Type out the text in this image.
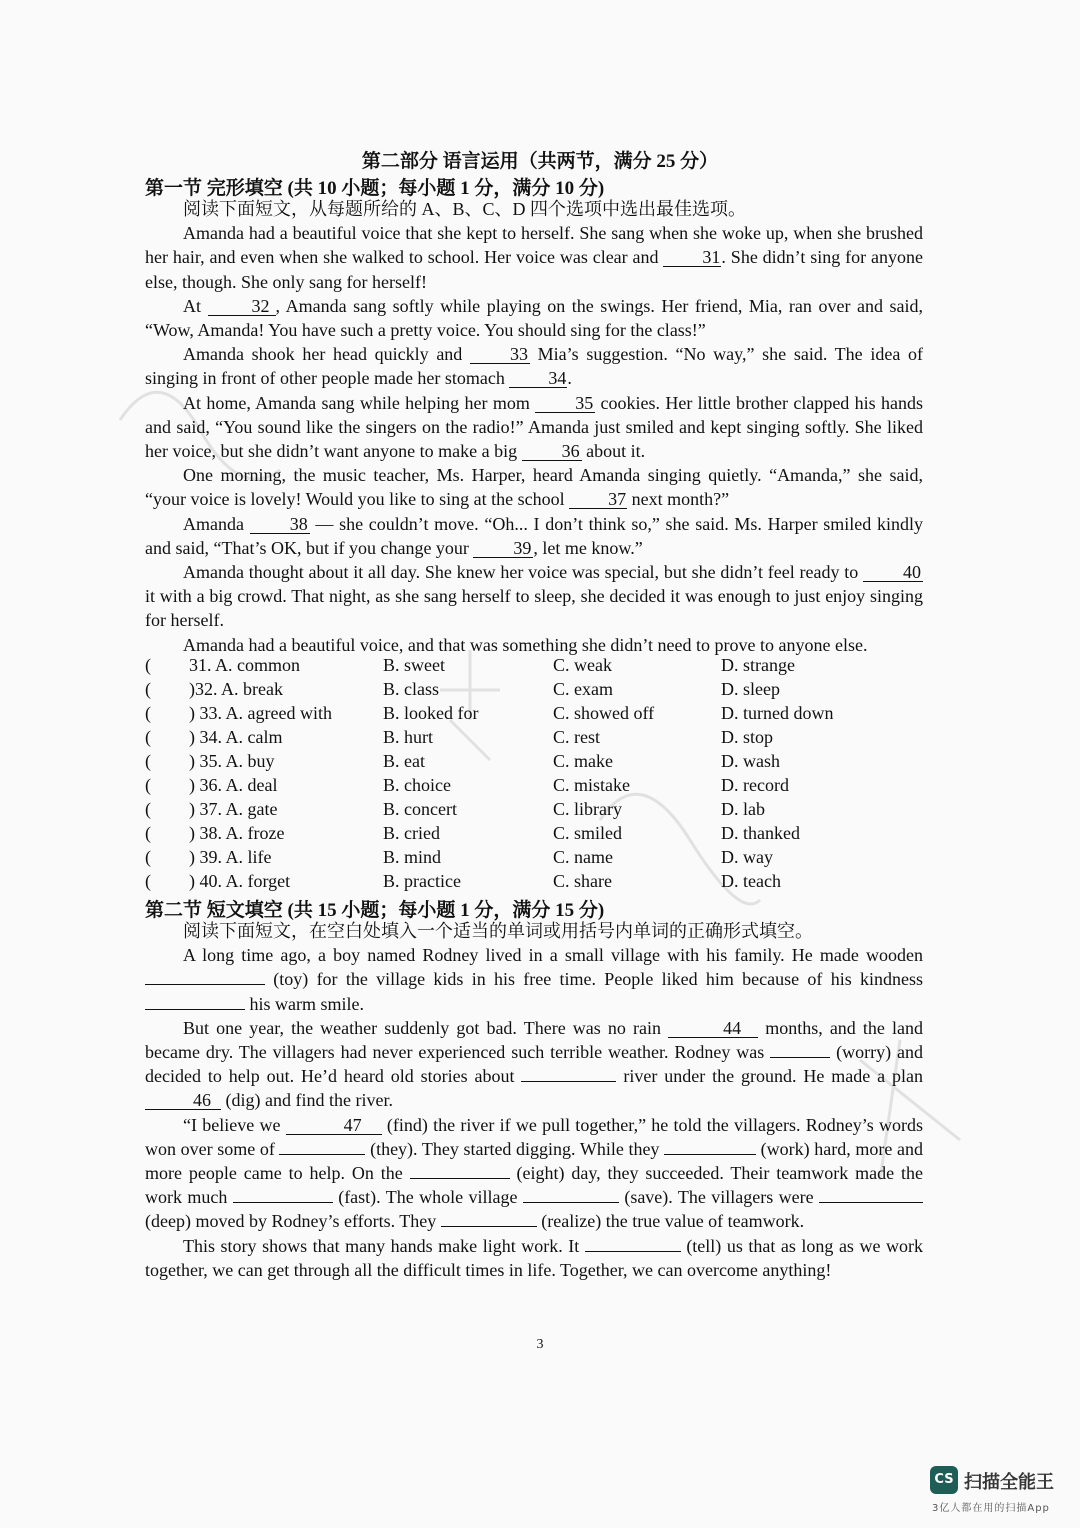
第二部分 语言运用（共两节，满分 25 分）
第一节 完形填空 (共 10 小题；每小题 1 分，满分 10 分)

阅读下面短文，从每题所给的 A、B、C、D 四个选项中选出最佳选项。

Amanda had a beautiful voice that she kept to herself. She sang when she woke up, when she brushed her hair, and even when she walked to school. Her voice was clear and 31. She didn’t sing for anyone else, though. She only sang for herself!

At 32 , Amanda sang softly while playing on the swings. Her friend, Mia, ran over and said, “Wow, Amanda! You have such a pretty voice. You should sing for the class!”

Amanda shook her head quickly and 33 Mia’s suggestion. “No way,” she said. The idea of singing in front of other people made her stomach 34.

At home, Amanda sang while helping her mom 35 cookies. Her little brother clapped his hands and said, “You sound like the singers on the radio!” Amanda just smiled and kept singing softly. She liked her voice, but she didn’t want anyone to make a big 36 about it.

One morning, the music teacher, Ms. Harper, heard Amanda singing quietly. “Amanda,” she said, “your voice is lovely! Would you like to sing at the school 37 next month?”

Amanda 38 — she couldn’t move. “Oh... I don’t think so,” she said. Ms. Harper smiled kindly and said, “That’s OK, but if you change your 39 , let me know.”

Amanda thought about it all day. She knew her voice was special, but she didn’t feel ready to 40 it with a big crowd. That night, as she sang herself to sleep, she decided it was enough to just enjoy singing for herself.

Amanda had a beautiful voice, and that was something she didn’t need to prove to anyone else.

( 31. A. common	B. sweet	C. weak	D. strange
( )32. A. break	B. class	C. exam	D. sleep
( ) 33. A. agreed with	B. looked for	C. showed off	D. turned down
( ) 34. A. calm	B. hurt	C. rest	D. stop
( ) 35. A. buy	B. eat	C. make	D. wash
( ) 36. A. deal	B. choice	C. mistake	D. record
( ) 37. A. gate	B. concert	C. library	D. lab
( ) 38. A. froze	B. cried	C. smiled	D. thanked
( ) 39. A. life	B. mind	C. name	D. way
( ) 40. A. forget	B. practice	C. share	D. teach
第二节 短文填空 (共 15 小题；每小题 1 分，满分 15 分)

阅读下面短文，在空白处填入一个适当的单词或用括号内单词的正确形式填空。

A long time ago, a boy named Rodney lived in a small village with his family. He made wooden  (toy) for the village kids in his free time. People liked him because of his kindness  his warm smile.

But one year, the weather suddenly got bad. There was no rain	44 months, and the land became dry. The villagers had never experienced such terrible weather. Rodney was	(worry) and decided to help out. He’d heard old stories about	river under the ground. He made a plan 46 (dig) and find the river.

“I believe we	47 (find) the river if we pull together,” he told the villagers. Rodney’s words won over some of	(they). They started digging. While they	(work) hard, more and more people came to help. On the	(eight) day, they succeeded. Their teamwork made the work much	(fast). The whole village	(save). The villagers were  (deep) moved by Rodney’s efforts. They	(realize) the true value of teamwork.

This story shows that many hands make light work. It	(tell) us that as long as we work together, we can get through all the difficult times in life. Together, we can overcome anything!

3
CS 扫描全能王
3亿人都在用的扫描App
